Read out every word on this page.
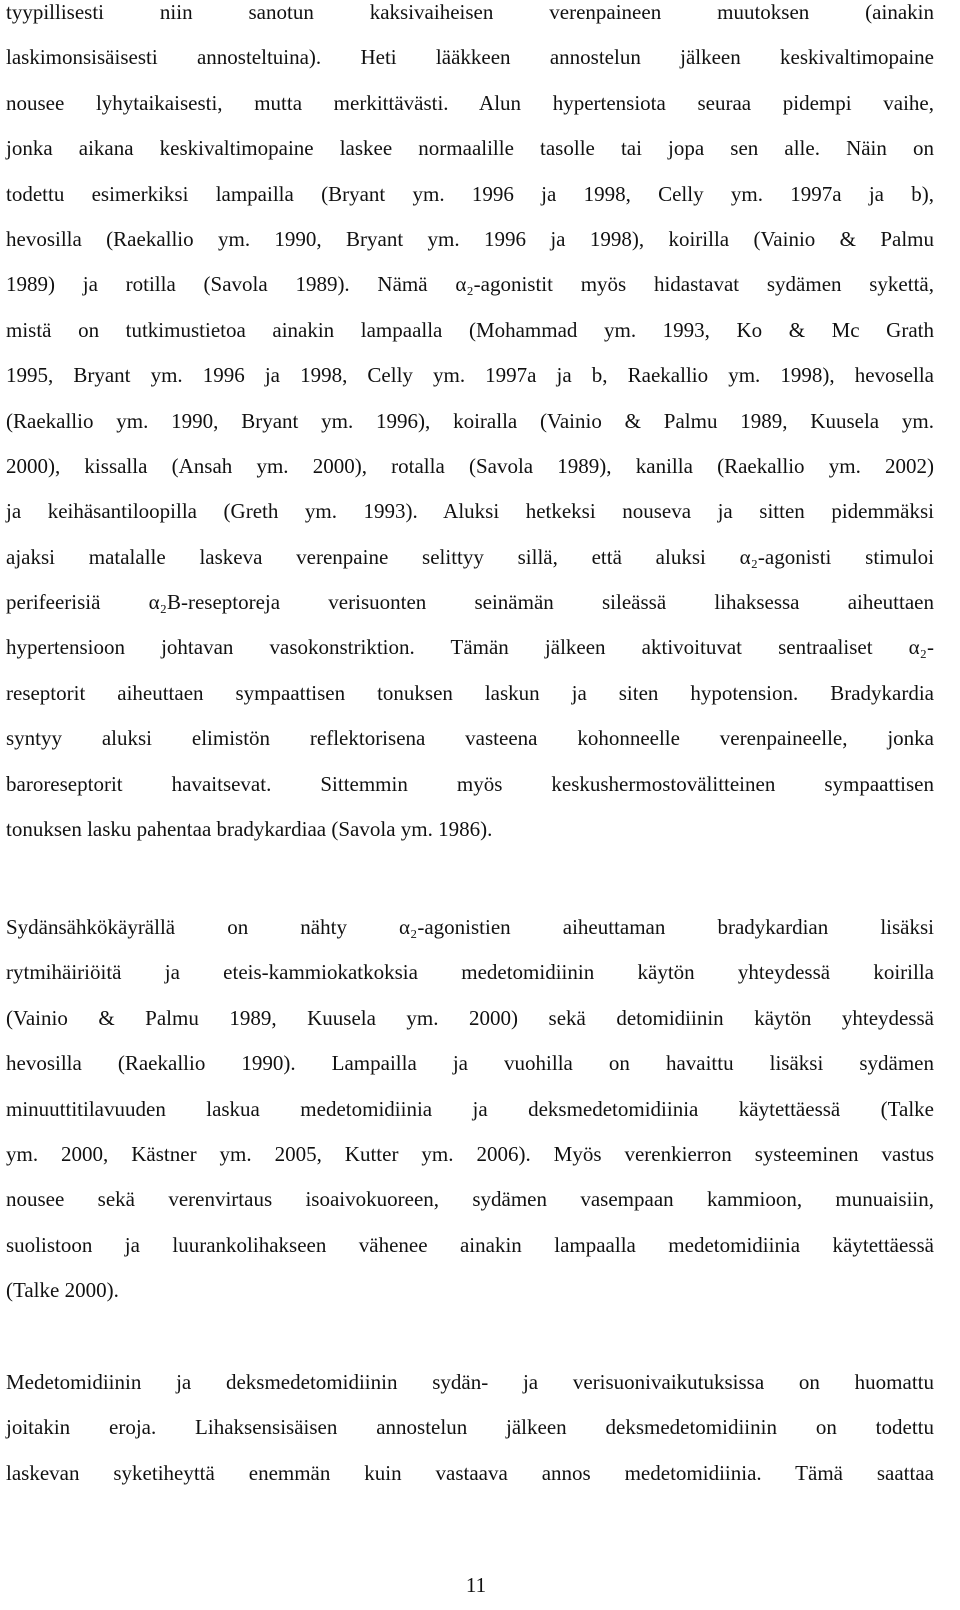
tyypillisesti niin sanotun kaksivaiheisen verenpaineen muutoksen (ainakin
laskimonsisäisesti annosteltuina). Heti lääkkeen annostelun jälkeen keskivaltimopaine
nousee lyhytaikaisesti, mutta merkittävästi. Alun hypertensiota seuraa pidempi vaihe,
jonka aikana keskivaltimopaine laskee normaalille tasolle tai jopa sen alle. Näin on
todettu esimerkiksi lampailla (Bryant ym. 1996 ja 1998, Celly ym. 1997a ja b),
hevosilla (Raekallio ym. 1990, Bryant ym. 1996 ja 1998), koirilla (Vainio & Palmu
1989) ja rotilla (Savola 1989). Nämä α₂-agonistit myös hidastavat sydämen sykettä,
mistä on tutkimustietoa ainakin lampaalla (Mohammad ym. 1993, Ko & Mc Grath
1995, Bryant ym. 1996 ja 1998, Celly ym. 1997a ja b, Raekallio ym. 1998), hevosella
(Raekallio ym. 1990, Bryant ym. 1996), koiralla (Vainio & Palmu 1989, Kuusela ym.
2000), kissalla (Ansah ym. 2000), rotalla (Savola 1989), kanilla (Raekallio ym. 2002)
ja keihäsantiloopilla (Greth ym. 1993). Aluksi hetkeksi nouseva ja sitten pidemmäksi
ajaksi matalalle laskeva verenpaine selittyy sillä, että aluksi α₂-agonisti stimuloi
perifeerisiä α₂B-reseptoreja verisuonten seinämän sileässä lihaksessa aiheuttaen
hypertensioon johtavan vasokonstriktion. Tämän jälkeen aktivoituvat sentraaliset α₂-
reseptorit aiheuttaen sympaattisen tonuksen laskun ja siten hypotension. Bradykardia
syntyy aluksi elimistön reflektorisena vasteena kohonneelle verenpaineelle, jonka
baroreseptorit havaitsevat. Sittemmin myös keskushermostovälitteinen sympaattisen
tonuksen lasku pahentaa bradykardiaa (Savola ym. 1986).
Sydänsähkökäyrällä on nähty α₂-agonistien aiheuttaman bradykardian lisäksi
rytmihäiriöitä ja eteis-kammiokatkoksia medetomidiinin käytön yhteydessä koirilla
(Vainio & Palmu 1989, Kuusela ym. 2000) sekä detomidiinin käytön yhteydessä
hevosilla (Raekallio 1990). Lampailla ja vuohilla on havaittu lisäksi sydämen
minuuttitilavuuden laskua medetomidiinia ja deksmedetomidiinia käytettäessä (Talke
ym. 2000, Kästner ym. 2005, Kutter ym. 2006). Myös verenkierron systeeminen vastus
nousee sekä verenvirtaus isoaivokuoreen, sydämen vasempaan kammioon, munuaisiin,
suolistoon ja luurankolihakseen vähenee ainakin lampaalla medetomidiinia käytettäessä
(Talke 2000).
Medetomidiinin ja deksmedetomidiinin sydän- ja verisuonivaikutuksissa on huomattu
joitakin eroja. Lihaksensisäisen annostelun jälkeen deksmedetomidiinin on todettu
laskevan syketiheyttä enemmän kuin vastaava annos medetomidiinia. Tämä saattaa
11
